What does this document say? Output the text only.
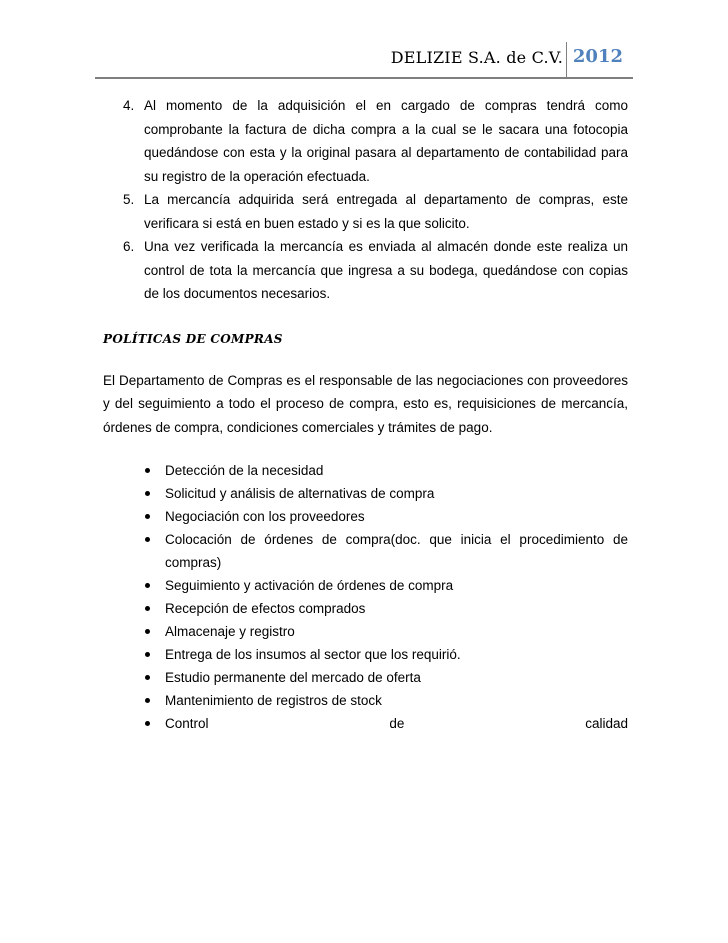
DELIZIE S.A. de C.V. 2012
4. Al momento de la adquisición el en cargado de compras tendrá como comprobante la factura de dicha compra a la cual se le sacara una fotocopia quedándose con esta y la original pasara al departamento de contabilidad para su registro de la operación efectuada.
5. La mercancía adquirida será entregada al departamento de compras, este verificara si está en buen estado y si es la que solicito.
6. Una vez verificada la mercancía es enviada al almacén donde este realiza un control de tota la mercancía que ingresa a su bodega, quedándose con copias de los documentos necesarios.
POLÍTICAS DE COMPRAS

El Departamento de Compras es el responsable de las negociaciones con proveedores y del seguimiento a todo el proceso de compra, esto es, requisiciones de mercancía, órdenes de compra, condiciones comerciales y trámites de pago.

Detección de la necesidad
Solicitud y análisis de alternativas de compra
Negociación con los proveedores
Colocación de órdenes de compra(doc. que inicia el procedimiento de compras)
Seguimiento y activación de órdenes de compra
Recepción de efectos comprados
Almacenaje y registro
Entrega de los insumos al sector que los requirió.
Estudio permanente del mercado de oferta
Mantenimiento de registros de stock
Control	de	calidad
